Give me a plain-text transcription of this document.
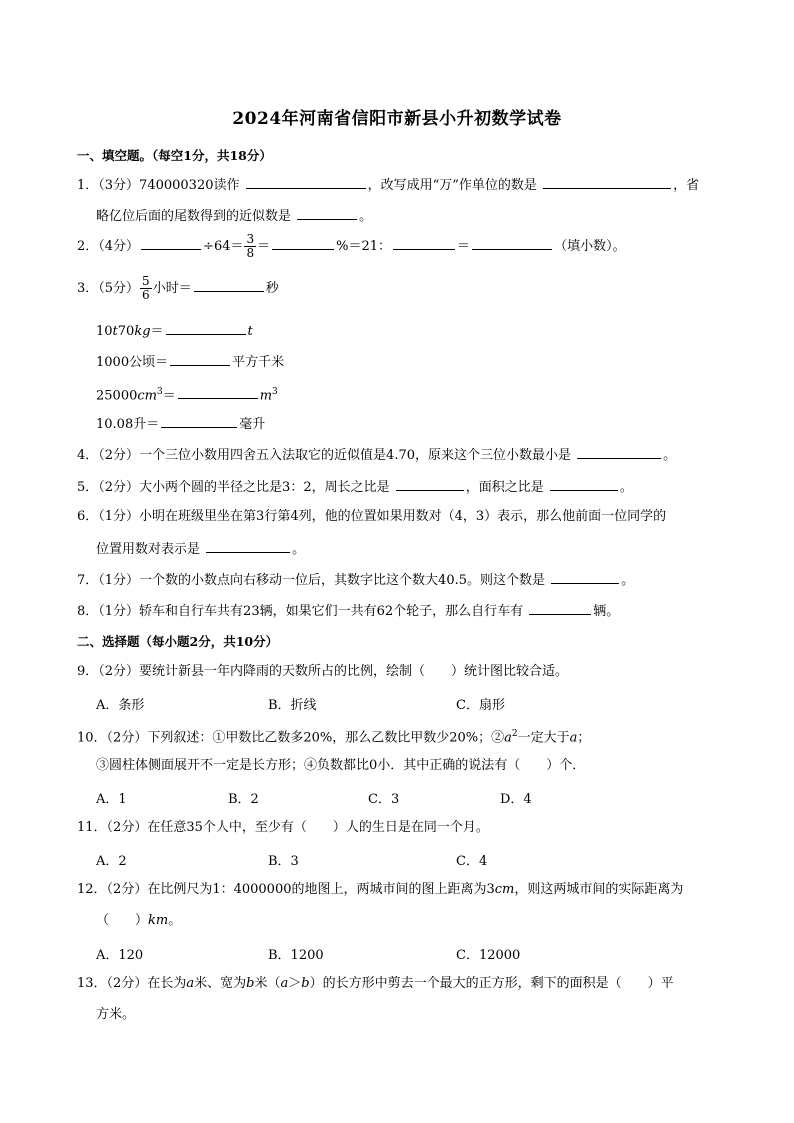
2024年河南省信阳市新县小升初数学试卷
一、填空题。（每空1分，共18分）
1．（3分）740000320读作	，改写成用“万”作单位的数是	，省
略亿位后面的尾数得到的近似数是	。
2．（4分）	$\div 64= \frac{3}{8}$ ＝	%＝21：	＝	（填小数）。
3．（5分） $\frac{5}{6}$ 小时＝	秒
10t70kg＝	t
1000公顷＝	平方千米
$25000cm^3=$	$m^3$
10.08升＝	毫升
4．（2分）一个三位小数用四舍五入法取它的近似值是4.70，原来这个三位小数最小是	。
5．（2分）大小两个圆的半径之比是3：2，周长之比是	，面积之比是	。
6．（1分）小明在班级里坐在第3行第4列，他的位置如果用数对（4，3）表示，那么他前面一位同学的
位置用数对表示是	。
7．（1分）一个数的小数点向右移动一位后，其数字比这个数大40.5。则这个数是	。
8．（1分）轿车和自行车共有23辆，如果它们一共有62个轮子，那么自行车有	辆。
二、选择题（每小题2分，共10分）
9．（2分）要统计新县一年内降雨的天数所占的比例，绘制（　　）统计图比较合适。
A．条形	B．折线	C．扇形
10．（2分）下列叙述：①甲数比乙数多20%，那么乙数比甲数少20%；$②a^2$一定大于a；
③圆柱体侧面展开不一定是长方形；④负数都比0小．其中正确的说法有（　　）个．
A．1	B．2	C．3	D．4
11．（2分）在任意35个人中，至少有（　　）人的生日是在同一个月。
A．2	B．3	C．4
12．（2分）在比例尺为1：4000000的地图上，两城市间的图上距离为3cm，则这两城市间的实际距离为
（　　）km。
A．120	B．1200	C．12000
13．（2分）在长为a米、宽为b米（a＞b）的长方形中剪去一个最大的正方形，剩下的面积是（　　）平
方米。
